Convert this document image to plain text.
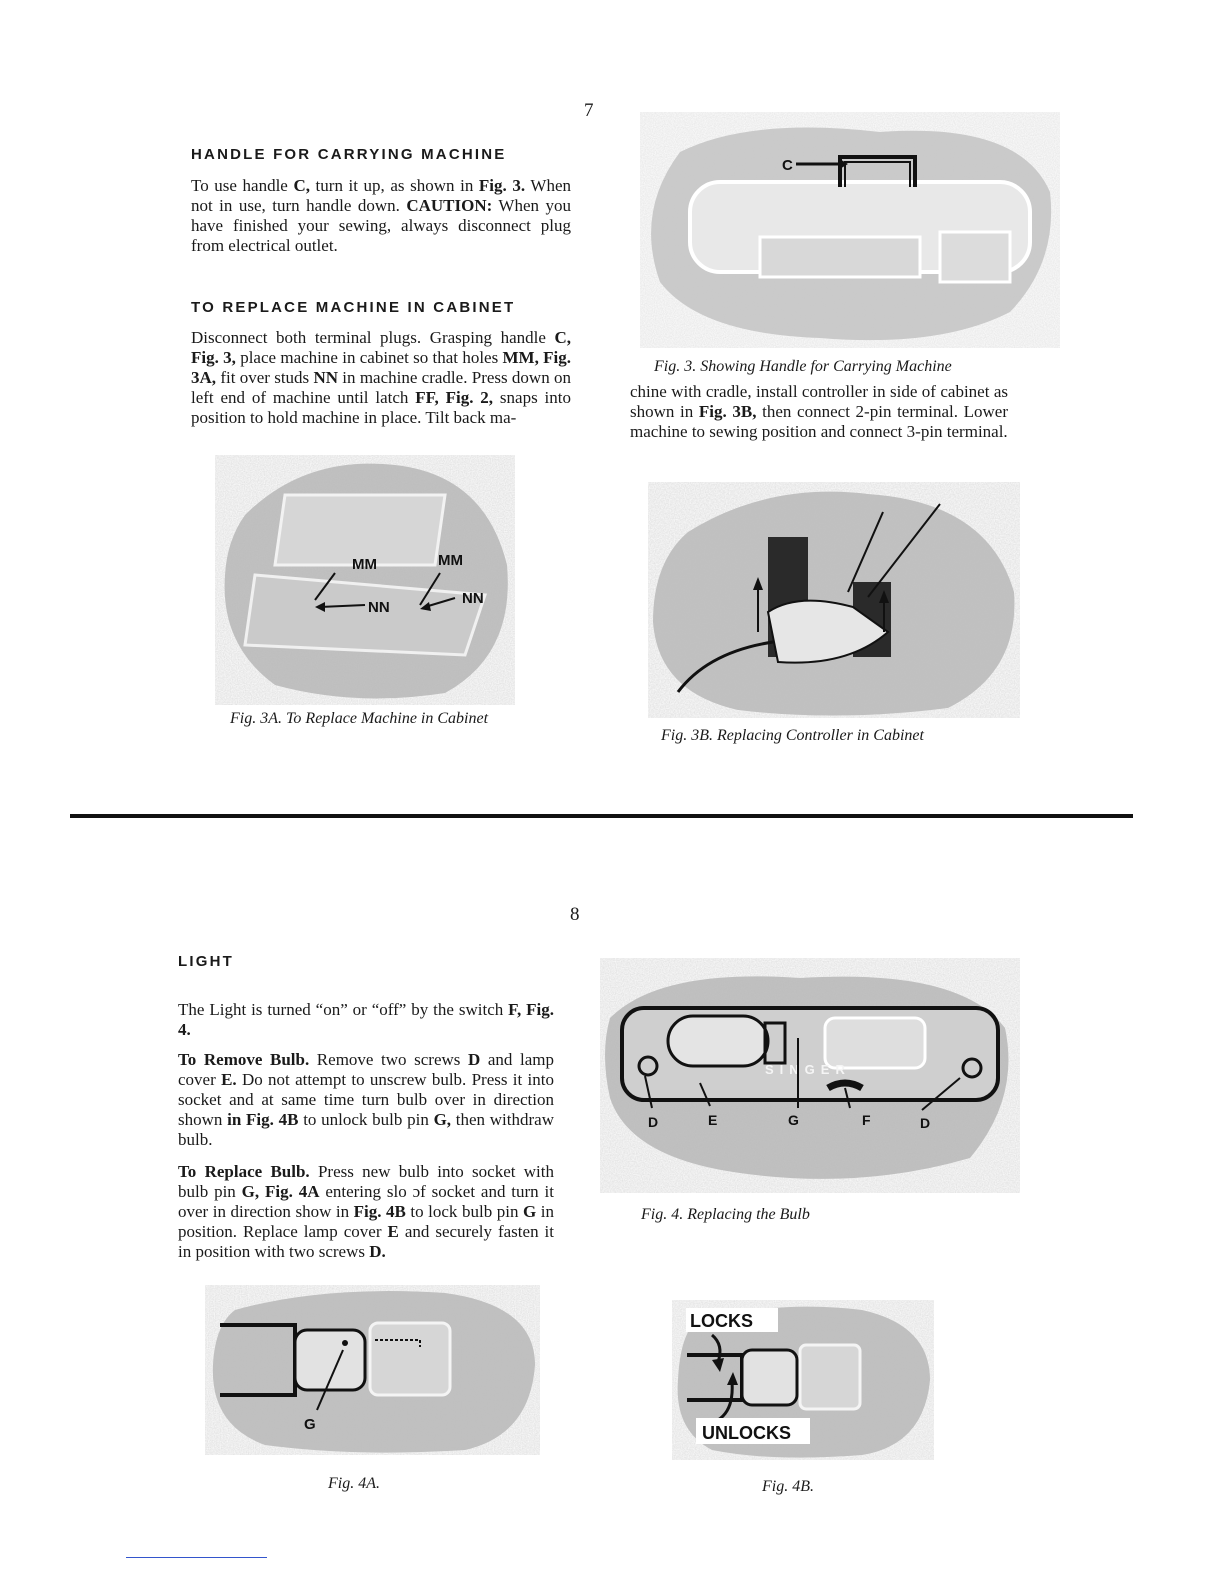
7
HANDLE FOR CARRYING MACHINE

To use handle C, turn it up, as shown in Fig. 3. When not in use, turn handle down. CAUTION: When you have finished your sewing, always disconnect plug from electrical outlet.

TO REPLACE MACHINE IN CABINET

Disconnect both terminal plugs. Grasping handle C, Fig. 3, place machine in cabinet so that holes MM, Fig. 3A, fit over studs NN in machine cradle. Press down on left end of machine until latch FF, Fig. 2, snaps into position to hold machine in place. Tilt back ma-

C
Fig. 3. Showing Handle for Carrying Machine

chine with cradle, install controller in side of cabinet as shown in Fig. 3B, then connect 2-pin terminal. Lower machine to sewing position and connect 3-pin terminal.

MM	MM
NN
NN
Fig. 3A. To Replace Machine in Cabinet
Fig. 3B. Replacing Controller in Cabinet
8
LIGHT

The Light is turned “on” or “off” by the switch F, Fig. 4.

To Remove Bulb. Remove two screws D and lamp cover E. Do not attempt to unscrew bulb. Press it into socket and at same time turn bulb over in direction shown in Fig. 4B to unlock bulb pin G, then withdraw bulb.

To Replace Bulb. Press new bulb into socket with bulb pin G, Fig. 4A entering slo ɔf socket and turn it over in direction show in Fig. 4B to lock bulb pin G in position. Replace lamp cover E and securely fasten it in position with two screws D.

SINGER
D	E	G	F	D
Fig. 4. Replacing the Bulb
G
Fig. 4A.
LOCKS
UNLOCKS
Fig. 4B.
